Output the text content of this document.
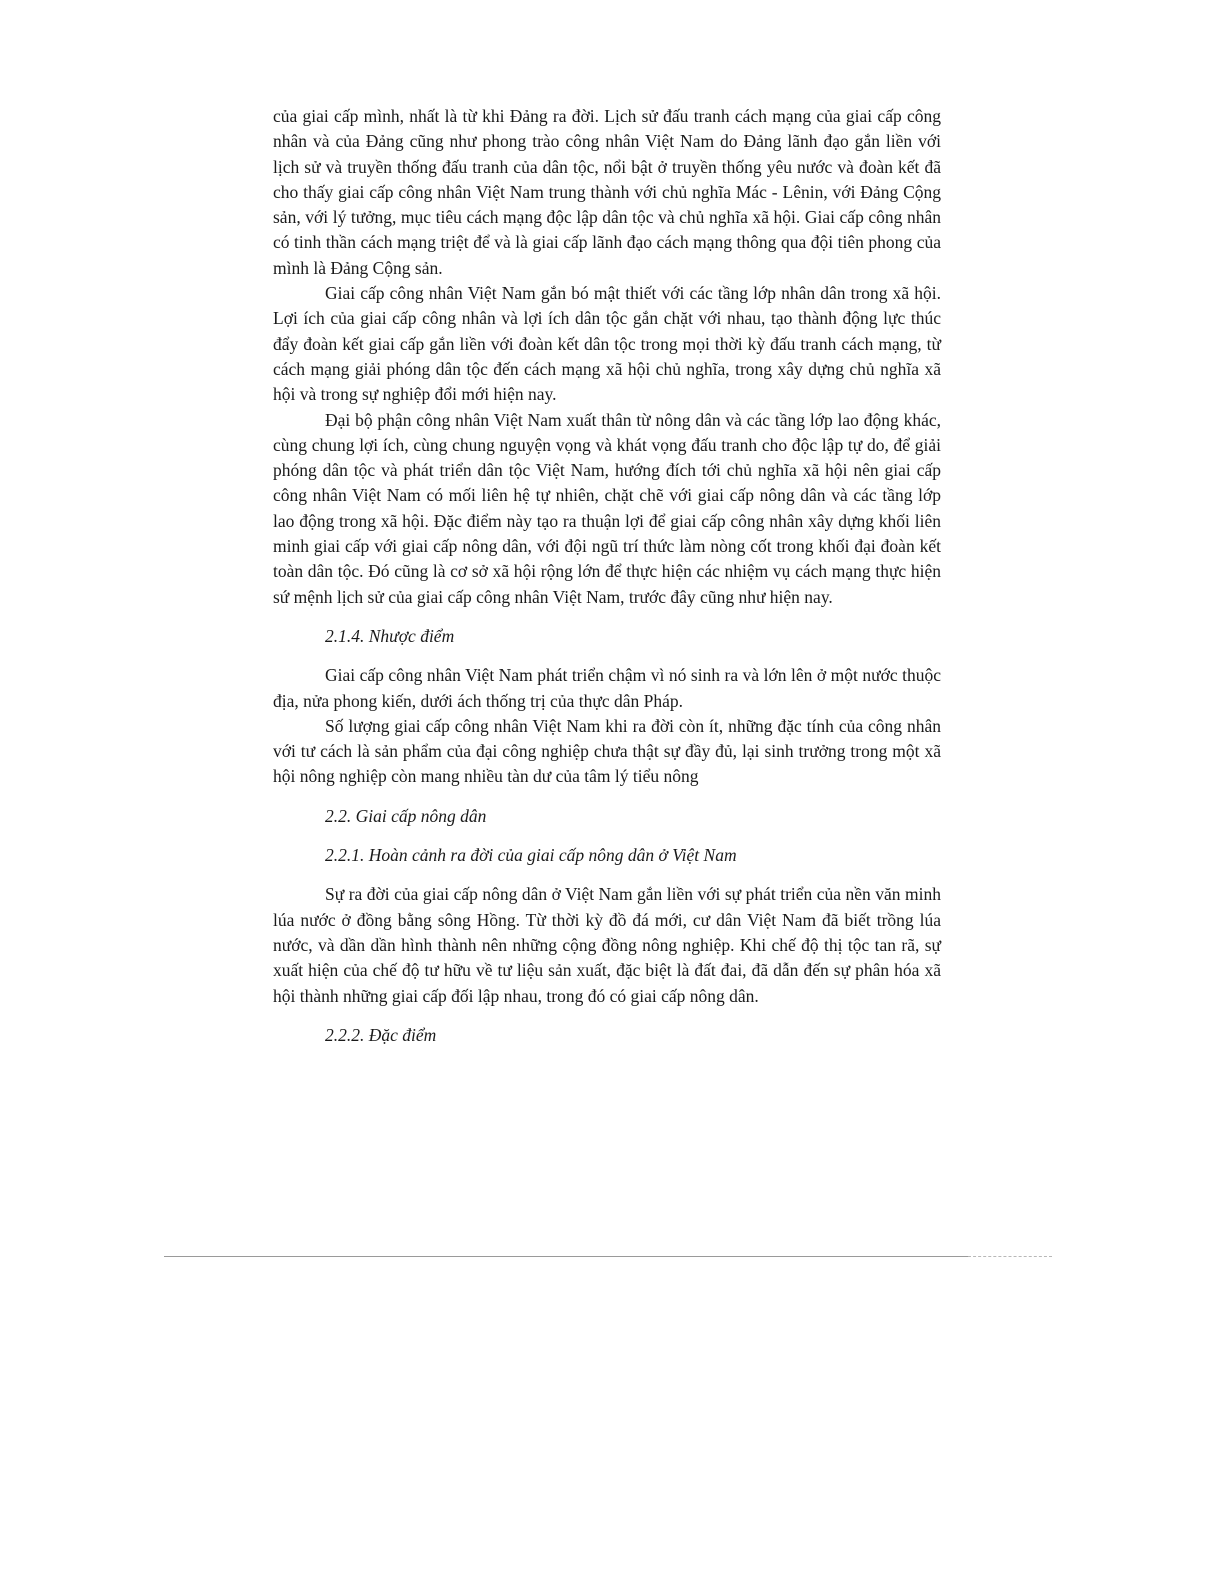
của giai cấp mình, nhất là từ khi Đảng ra đời. Lịch sử đấu tranh cách mạng của giai cấp công nhân và của Đảng cũng như phong trào công nhân Việt Nam do Đảng lãnh đạo gắn liền với lịch sử và truyền thống đấu tranh của dân tộc, nổi bật ở truyền thống yêu nước và đoàn kết đã cho thấy giai cấp công nhân Việt Nam trung thành với chủ nghĩa Mác - Lênin, với Đảng Cộng sản, với lý tưởng, mục tiêu cách mạng độc lập dân tộc và chủ nghĩa xã hội. Giai cấp công nhân có tinh thần cách mạng triệt để và là giai cấp lãnh đạo cách mạng thông qua đội tiên phong của mình là Đảng Cộng sản.

Giai cấp công nhân Việt Nam gắn bó mật thiết với các tầng lớp nhân dân trong xã hội. Lợi ích của giai cấp công nhân và lợi ích dân tộc gắn chặt với nhau, tạo thành động lực thúc đẩy đoàn kết giai cấp gắn liền với đoàn kết dân tộc trong mọi thời kỳ đấu tranh cách mạng, từ cách mạng giải phóng dân tộc đến cách mạng xã hội chủ nghĩa, trong xây dựng chủ nghĩa xã hội và trong sự nghiệp đổi mới hiện nay.

Đại bộ phận công nhân Việt Nam xuất thân từ nông dân và các tầng lớp lao động khác, cùng chung lợi ích, cùng chung nguyện vọng và khát vọng đấu tranh cho độc lập tự do, để giải phóng dân tộc và phát triển dân tộc Việt Nam, hướng đích tới chủ nghĩa xã hội nên giai cấp công nhân Việt Nam có mối liên hệ tự nhiên, chặt chẽ với giai cấp nông dân và các tầng lớp lao động trong xã hội. Đặc điểm này tạo ra thuận lợi để giai cấp công nhân xây dựng khối liên minh giai cấp với giai cấp nông dân, với đội ngũ trí thức làm nòng cốt trong khối đại đoàn kết toàn dân tộc. Đó cũng là cơ sở xã hội rộng lớn để thực hiện các nhiệm vụ cách mạng thực hiện sứ mệnh lịch sử của giai cấp công nhân Việt Nam, trước đây cũng như hiện nay.

2.1.4. Nhược điểm

Giai cấp công nhân Việt Nam phát triển chậm vì nó sinh ra và lớn lên ở một nước thuộc địa, nửa phong kiến, dưới ách thống trị của thực dân Pháp.

Số lượng giai cấp công nhân Việt Nam khi ra đời còn ít, những đặc tính của công nhân với tư cách là sản phẩm của đại công nghiệp chưa thật sự đầy đủ, lại sinh trưởng trong một xã hội nông nghiệp còn mang nhiều tàn dư của tâm lý tiểu nông

2.2. Giai cấp nông dân

2.2.1. Hoàn cảnh ra đời của giai cấp nông dân ở Việt Nam

Sự ra đời của giai cấp nông dân ở Việt Nam gắn liền với sự phát triển của nền văn minh lúa nước ở đồng bằng sông Hồng. Từ thời kỳ đồ đá mới, cư dân Việt Nam đã biết trồng lúa nước, và dần dần hình thành nên những cộng đồng nông nghiệp. Khi chế độ thị tộc tan rã, sự xuất hiện của chế độ tư hữu về tư liệu sản xuất, đặc biệt là đất đai, đã dẫn đến sự phân hóa xã hội thành những giai cấp đối lập nhau, trong đó có giai cấp nông dân.

2.2.2. Đặc điểm
